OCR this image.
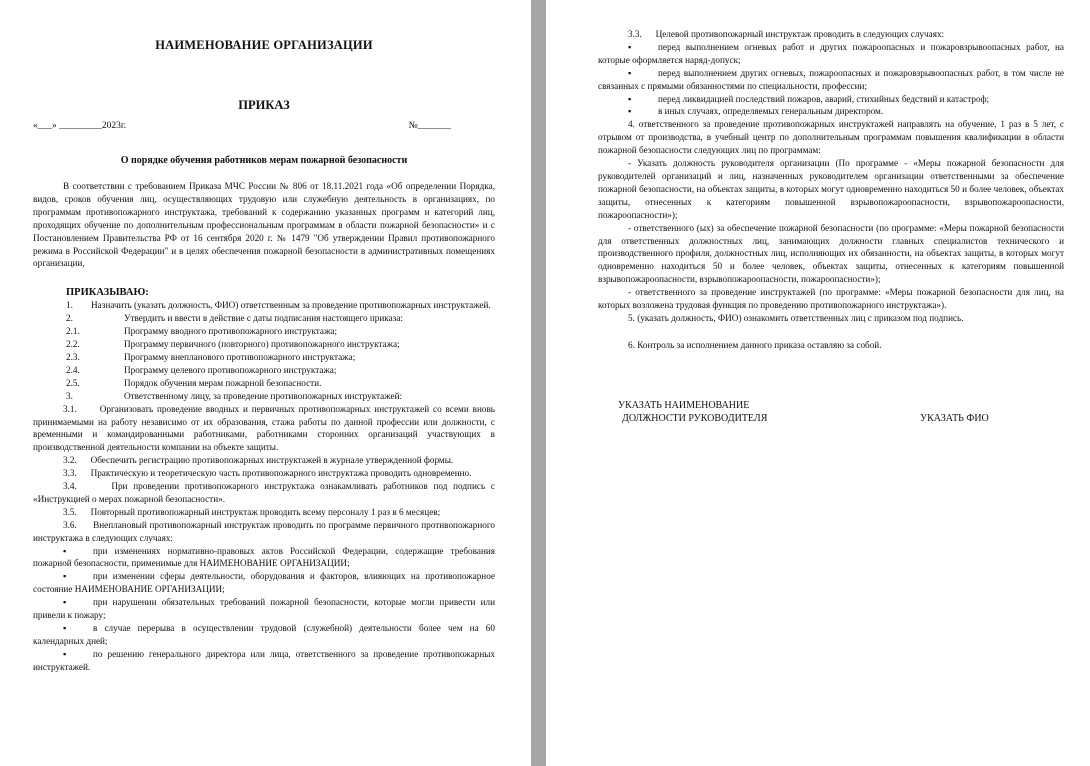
НАИМЕНОВАНИЕ ОРГАНИЗАЦИИ

ПРИКАЗ

«___» _________2023г.	№_______

О порядке обучения работников мерам пожарной безопасности

В соответствии с требованием Приказа МЧС России № 806 от 18.11.2021 года «Об определении Порядка, видов, сроков обучения лиц, осуществляющих трудовую или служебную деятельность в организациях, по программам противопожарного инструктажа, требований к содержанию указанных программ и категорий лиц, проходящих обучение по дополнительным профессиональным программам в области пожарной безопасности» и с Постановлением Правительства РФ от 16 сентября 2020 г. № 1479 "Об утверждении Правил противопожарного режима в Российской Федерации" и в целях обеспечения пожарной безопасности в административных помещениях организации,

ПРИКАЗЫВАЮ:

1. Назначить (указать должность, ФИО) ответственным за проведение противопожарных инструктажей.

2.	Утвердить и ввести в действие с даты подписания настоящего приказа:
2.1.	Программу вводного противопожарного инструктажа;
2.2.	Программу первичного (повторного) противопожарного инструктажа;
2.3.	Программу внепланового противопожарного инструктажа;
2.4.	Программу целевого противопожарного инструктажа;
2.5.	Порядок обучения мерам пожарной безопасности.
3.	Ответственному лицу, за проведение противопожарных инструктажей:

3.1.      Организовать проведение вводных и первичных противопожарных инструктажей со всеми вновь принимаемыми на работу независимо от их образования, стажа работы по данной профессии или должности, с временными и командированными работниками, работниками сторонних организаций участвующих в производственной деятельности компании на объекте защиты.

3.2.      Обеспечить регистрацию противопожарных инструктажей в журнале утвержденной формы.

3.3.      Практическую и теоретическую часть противопожарного инструктажа проводить одновременно.

3.4.      При проведении противопожарного инструктажа ознакамливать работников под подпись с «Инструкцией о мерах пожарной безопасности».

3.5.      Повторный противопожарный инструктаж проводить всему персоналу 1 раз в 6 месяцев;

3.6.      Внеплановый противопожарный инструктаж проводить по программе первичного противопожарного инструктажа в следующих случаях:

▪	при изменениях нормативно-правовых актов Российской Федерации, содержащие требования пожарной безопасности, применимые для НАИМЕНОВАНИЕ ОРГАНИЗАЦИИ;

▪	при изменении сферы деятельности, оборудования и факторов, влияющих на противопожарное состояние НАИМЕНОВАНИЕ ОРГАНИЗАЦИИ;

▪	при нарушении обязательных требований пожарной безопасности, которые могли привести или привели к пожару;

▪	в случае перерыва в осуществлении трудовой (служебной) деятельности более чем на 60 календарных дней;

▪	по решению генерального директора или лица, ответственного за проведение противопожарных инструктажей.

3.3.      Целевой противопожарный инструктаж проводить в следующих случаях:

▪	перед выполнением огневых работ и других пожароопасных и пожаровзрывоопасных работ, на которые оформляется наряд-допуск;

▪	перед выполнением других огневых, пожароопасных и пожаровзрывоопасных работ, в том числе не связанных с прямыми обязанностями по специальности, профессии;

▪	перед ликвидацией последствий пожаров, аварий, стихийных бедствий и катастроф;

▪	в иных случаях, определяемых генеральным директором.

4. ответственного за проведение противопожарных инструктажей направлять на обучение, 1 раз в 5 лет, с отрывом от производства, в учебный центр по дополнительным программам повышения квалификации в области пожарной безопасности следующих лиц по программам:

- Указать должность руководителя организации (По программе - «Меры пожарной безопасности для руководителей организаций и лиц, назначенных руководителем организации ответственными за обеспечение пожарной безопасности, на объектах защиты, в которых могут одновременно находиться 50 и более человек, объектах защиты, отнесенных к категориям повышенной взрывопожароопасности, взрывопожароопасности, пожароопасности»);

- ответственного (ых) за обеспечение пожарной безопасности (по программе: «Меры пожарной безопасности для ответственных должностных лиц, занимающих должности главных специалистов технического и производственного профиля, должностных лиц, исполняющих их обязанности, на объектах защиты, в которых могут одновременно находиться 50 и более человек, объектах защиты, отнесенных к категориям повышенной взрывопожароопасности, взрывопожароопасности, пожароопасности»);

- ответственного за проведение инструктажей (по программе: «Меры пожарной безопасности для лиц, на которых возложена трудовая функция по проведению противопожарного инструктажа»).

5. (указать должность, ФИО) ознакомить ответственных лиц с приказом под подпись.

6. Контроль за исполнением данного приказа оставляю за собой.

УКАЗАТЬ НАИМЕНОВАНИЕ
ДОЛЖНОСТИ РУКОВОДИТЕЛЯ	УКАЗАТЬ ФИО
